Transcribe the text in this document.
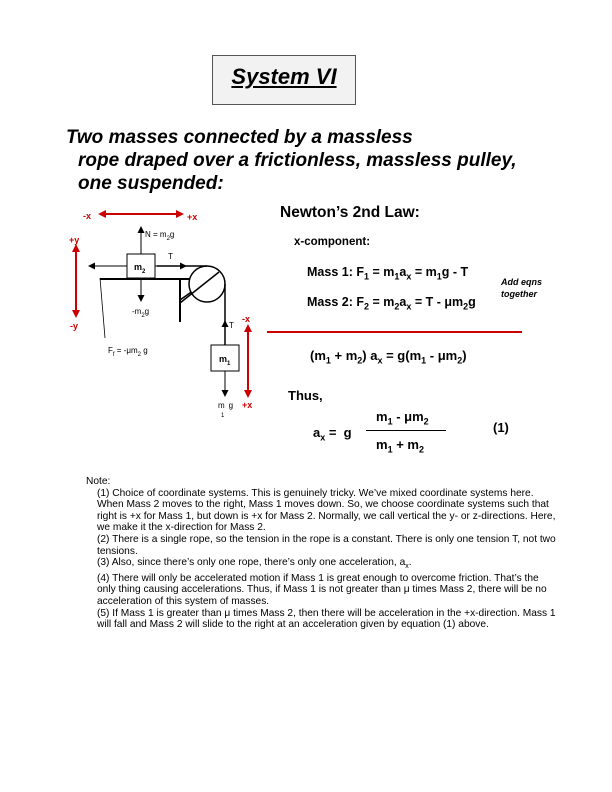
System VI
Two masses connected by a massless
rope draped over a frictionless, massless pulley,
one suspended:
-x	+x
+y
-y
-x
+x
$m_2$
$N = m_2g$
T
$F_f = -\mu m_2$ g
$-m_2g$
$m_1$
T
m g
1
Newton’s 2nd Law:
x-component:
Mass 1: $F_1 = m_1a_x = m_1g - T$
Mass 2: $F_2 = m_2a_x = T - \mu m_2g$
Add eqns
together
$(m_1 + m_2) a_x = g(m_1 - \mu m_2)$
Thus,
$a_x = g$
$m_1 - \mu m_2$
$m_1 + m_2$
(1)

Note:

(1) Choice of coordinate systems. This is genuinely tricky. We’ve mixed coordinate systems here. When Mass 2 moves to the right, Mass 1 moves down. So, we choose coordinate systems such that right is +x for Mass 1, but down is +x for Mass 2. Normally, we call vertical the y- or z-directions. Here, we make it the x-direction for Mass 2.

(2) There is a single rope, so the tension in the rope is a constant. There is only one tension T, not two tensions.

(3) Also, since there’s only one rope, there’s only one acceleration, $a_x$.

(4) There will only be accelerated motion if Mass 1 is great enough to overcome friction. That’s the only thing causing accelerations. Thus, if Mass 1 is not greater than μ times Mass 2, there will be no acceleration of this system of masses.

(5) If Mass 1 is greater than μ times Mass 2, then there will be acceleration in the +x-direction. Mass 1 will fall and Mass 2 will slide to the right at an acceleration given by equation (1) above.
